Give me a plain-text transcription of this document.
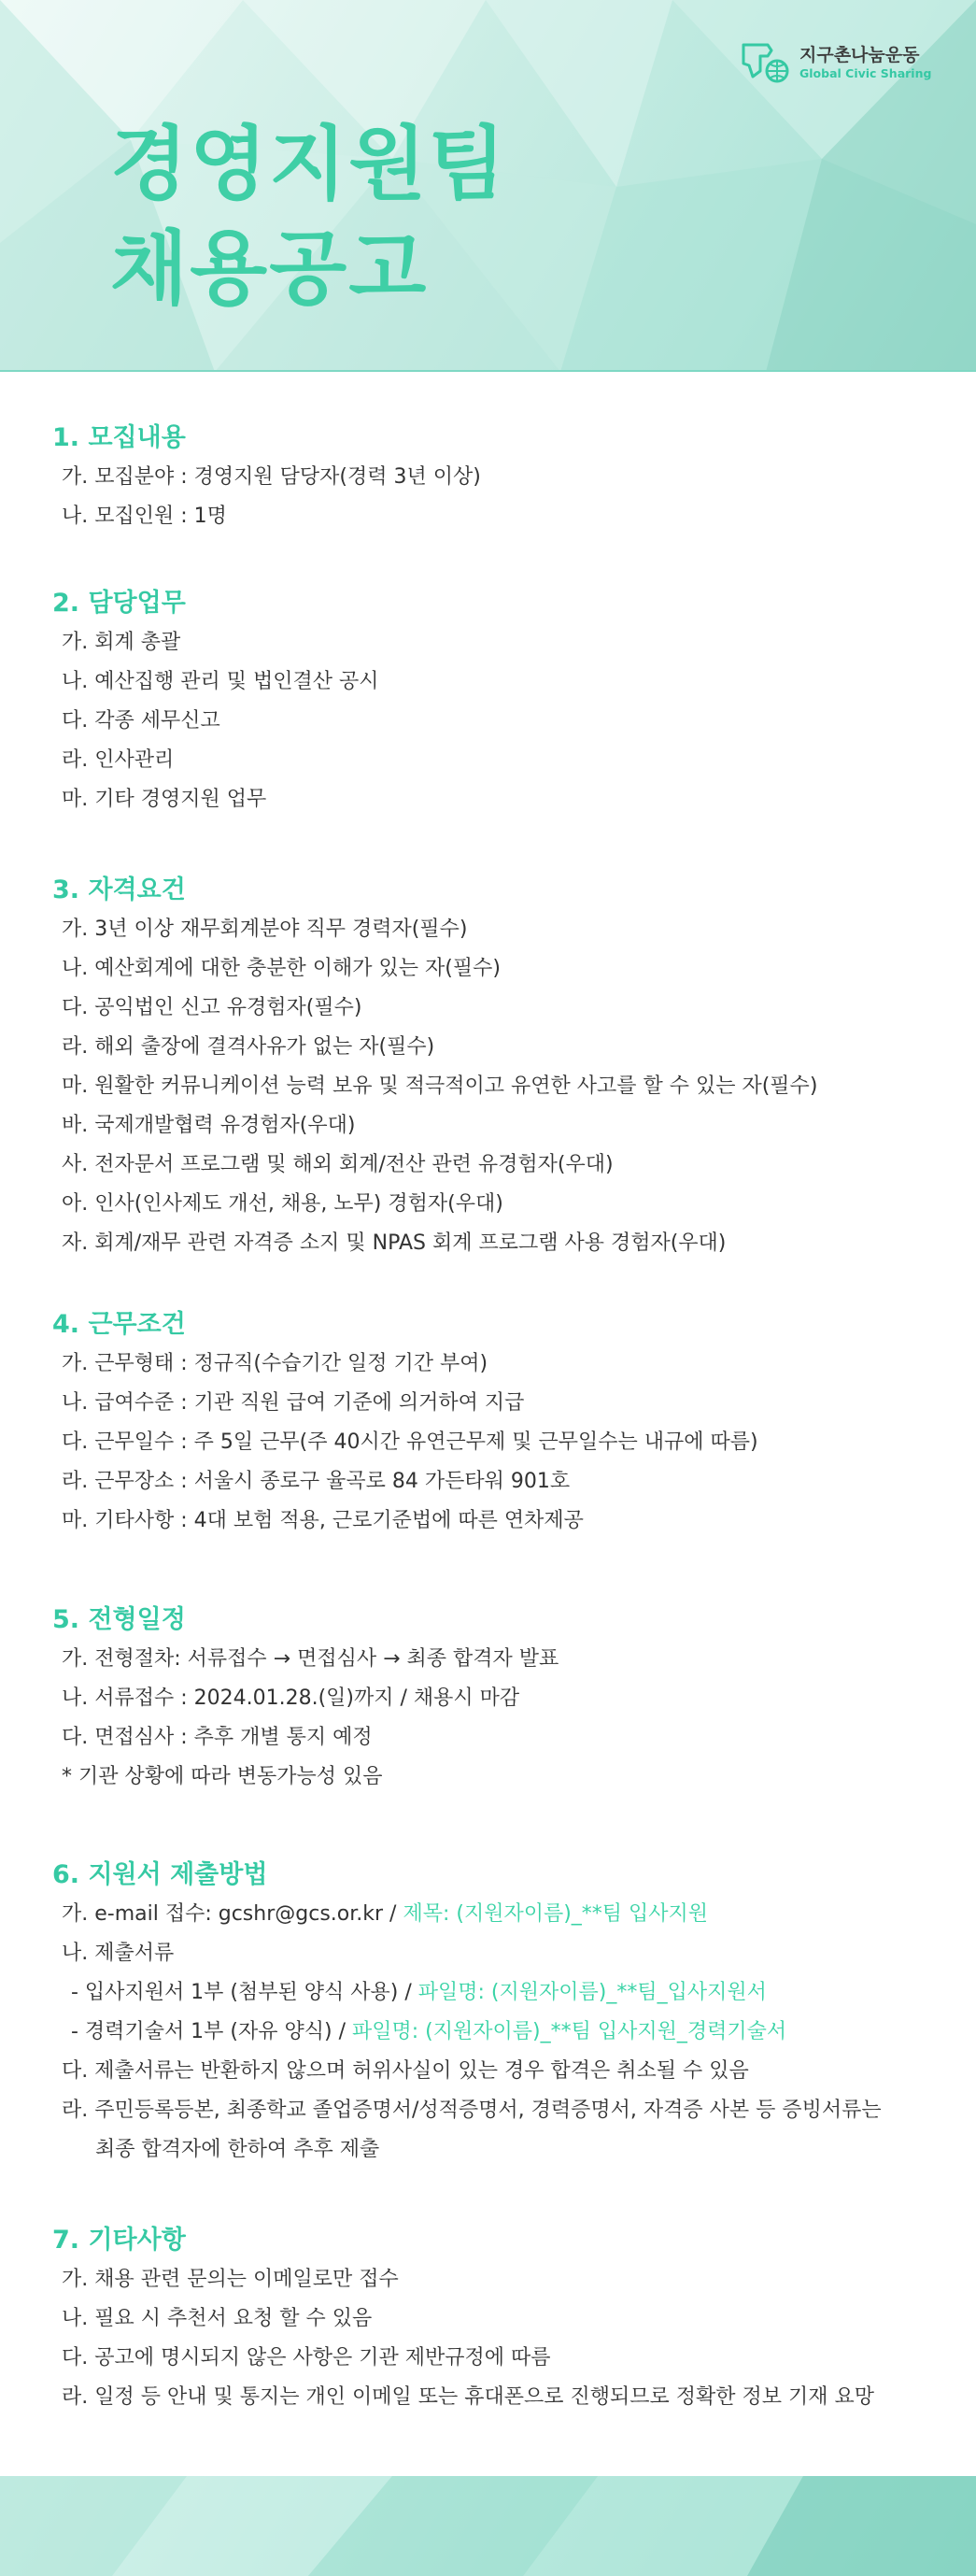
지구촌나눔운동
Global Civic Sharing
경영지원팀
채용공고
1. 모집내용
가. 모집분야 : 경영지원 담당자(경력 3년 이상)
나. 모집인원 : 1명
2. 담당업무
가. 회계 총괄
나. 예산집행 관리 및 법인결산 공시
다. 각종 세무신고
라. 인사관리
마. 기타 경영지원 업무
3. 자격요건
가. 3년 이상 재무회계분야 직무 경력자(필수)
나. 예산회계에 대한 충분한 이해가 있는 자(필수)
다. 공익법인 신고 유경험자(필수)
라. 해외 출장에 결격사유가 없는 자(필수)
마. 원활한 커뮤니케이션 능력 보유 및 적극적이고 유연한 사고를 할 수 있는 자(필수)
바. 국제개발협력 유경험자(우대)
사. 전자문서 프로그램 및 해외 회계/전산 관련 유경험자(우대)
아. 인사(인사제도 개선, 채용, 노무) 경험자(우대)
자. 회계/재무 관련 자격증 소지 및 NPAS 회계 프로그램 사용 경험자(우대)
4. 근무조건
가. 근무형태 : 정규직(수습기간 일정 기간 부여)
나. 급여수준 : 기관 직원 급여 기준에 의거하여 지급
다. 근무일수 : 주 5일 근무(주 40시간 유연근무제 및 근무일수는 내규에 따름)
라. 근무장소 : 서울시 종로구 율곡로 84 가든타워 901호
마. 기타사항 : 4대 보험 적용, 근로기준법에 따른 연차제공
5. 전형일정
가. 전형절차: 서류접수 → 면접심사 → 최종 합격자 발표
나. 서류접수 : 2024.01.28.(일)까지 / 채용시 마감
다. 면접심사 : 추후 개별 통지 예정
* 기관 상황에 따라 변동가능성 있음
6. 지원서 제출방법
가. e-mail 접수: gcshr@gcs.or.kr / 제목: (지원자이름)_**팀 입사지원
나. 제출서류
- 입사지원서 1부 (첨부된 양식 사용) / 파일명: (지원자이름)_**팀_입사지원서
- 경력기술서 1부 (자유 양식) / 파일명: (지원자이름)_**팀 입사지원_경력기술서
다. 제출서류는 반환하지 않으며 허위사실이 있는 경우 합격은 취소될 수 있음
라. 주민등록등본, 최종학교 졸업증명서/성적증명서, 경력증명서, 자격증 사본 등 증빙서류는
최종 합격자에 한하여 추후 제출
7. 기타사항
가. 채용 관련 문의는 이메일로만 접수
나. 필요 시 추천서 요청 할 수 있음
다. 공고에 명시되지 않은 사항은 기관 제반규정에 따름
라. 일정 등 안내 및 통지는 개인 이메일 또는 휴대폰으로 진행되므로 정확한 정보 기재 요망
